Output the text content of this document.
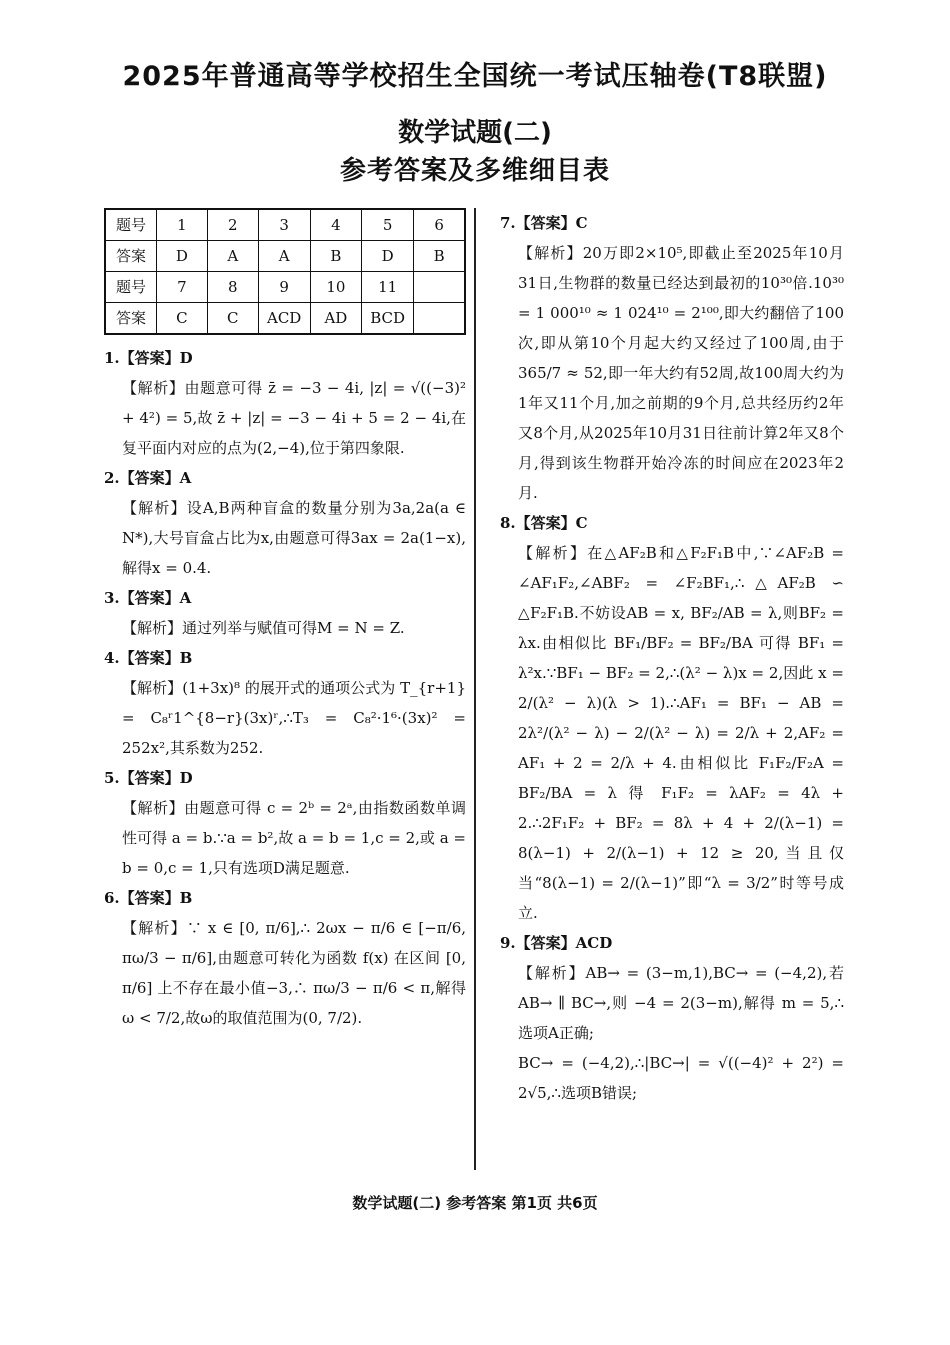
2025年普通高等学校招生全国统一考试压轴卷(T8联盟)
数学试题(二)
参考答案及多维细目表
题号	1	2	3	4	5	6
答案	D	A	A	B	D	B
题号	7	8	9	10	11	
答案	C	C	ACD	AD	BCD	

1.【答案】D

【解析】由题意可得 z̄ = −3 − 4i, |z| = √((−3)² + 4²) = 5,故 z̄ + |z| = −3 − 4i + 5 = 2 − 4i,在复平面内对应的点为(2,−4),位于第四象限.

2.【答案】A

【解析】设A,B两种盲盒的数量分别为3a,2a(a ∈ N*),大号盲盒占比为x,由题意可得3ax = 2a(1−x),解得x = 0.4.

3.【答案】A

【解析】通过列举与赋值可得M = N = Z.

4.【答案】B

【解析】(1+3x)⁸ 的展开式的通项公式为 T_{r+1} = C₈ʳ1^{8−r}(3x)ʳ,∴T₃ = C₈²·1⁶·(3x)² = 252x²,其系数为252.

5.【答案】D

【解析】由题意可得 c = 2ᵇ = 2ᵃ,由指数函数单调性可得 a = b.∵a = b²,故 a = b = 1,c = 2,或 a = b = 0,c = 1,只有选项D满足题意.

6.【答案】B

【解析】∵ x ∈ [0, π/6],∴ 2ωx − π/6 ∈ [−π/6, πω/3 − π/6],由题意可转化为函数 f(x) 在区间 [0, π/6] 上不存在最小值−3,∴ πω/3 − π/6 < π,解得 ω < 7/2,故ω的取值范围为(0, 7/2).

7.【答案】C

【解析】20万即2×10⁵,即截止至2025年10月31日,生物群的数量已经达到最初的10³⁰倍.10³⁰ = 1 000¹⁰ ≈ 1 024¹⁰ = 2¹⁰⁰,即大约翻倍了100次,即从第10个月起大约又经过了100周,由于365/7 ≈ 52,即一年大约有52周,故100周大约为1年又11个月,加之前期的9个月,总共经历约2年又8个月,从2025年10月31日往前计算2年又8个月,得到该生物群开始冷冻的时间应在2023年2月.

8.【答案】C

【解析】在△AF₂B和△F₂F₁B中,∵∠AF₂B = ∠AF₁F₂,∠ABF₂ = ∠F₂BF₁,∴△AF₂B ∽ △F₂F₁B.不妨设AB = x, BF₂/AB = λ,则BF₂ = λx.由相似比 BF₁/BF₂ = BF₂/BA 可得 BF₁ = λ²x.∵BF₁ − BF₂ = 2,∴(λ² − λ)x = 2,因此 x = 2/(λ² − λ)(λ > 1).∴AF₁ = BF₁ − AB = 2λ²/(λ² − λ) − 2/(λ² − λ) = 2/λ + 2,AF₂ = AF₁ + 2 = 2/λ + 4.由相似比 F₁F₂/F₂A = BF₂/BA = λ 得 F₁F₂ = λAF₂ = 4λ + 2.∴2F₁F₂ + BF₂ = 8λ + 4 + 2/(λ−1) = 8(λ−1) + 2/(λ−1) + 12 ≥ 20,当且仅当“8(λ−1) = 2/(λ−1)”即“λ = 3/2”时等号成立.

9.【答案】ACD

【解析】AB→ = (3−m,1),BC→ = (−4,2),若AB→ ∥ BC→,则 −4 = 2(3−m),解得 m = 5,∴选项A正确;

BC→ = (−4,2),∴|BC→| = √((−4)² + 2²) = 2√5,∴选项B错误;

数学试题(二) 参考答案 第1页 共6页
